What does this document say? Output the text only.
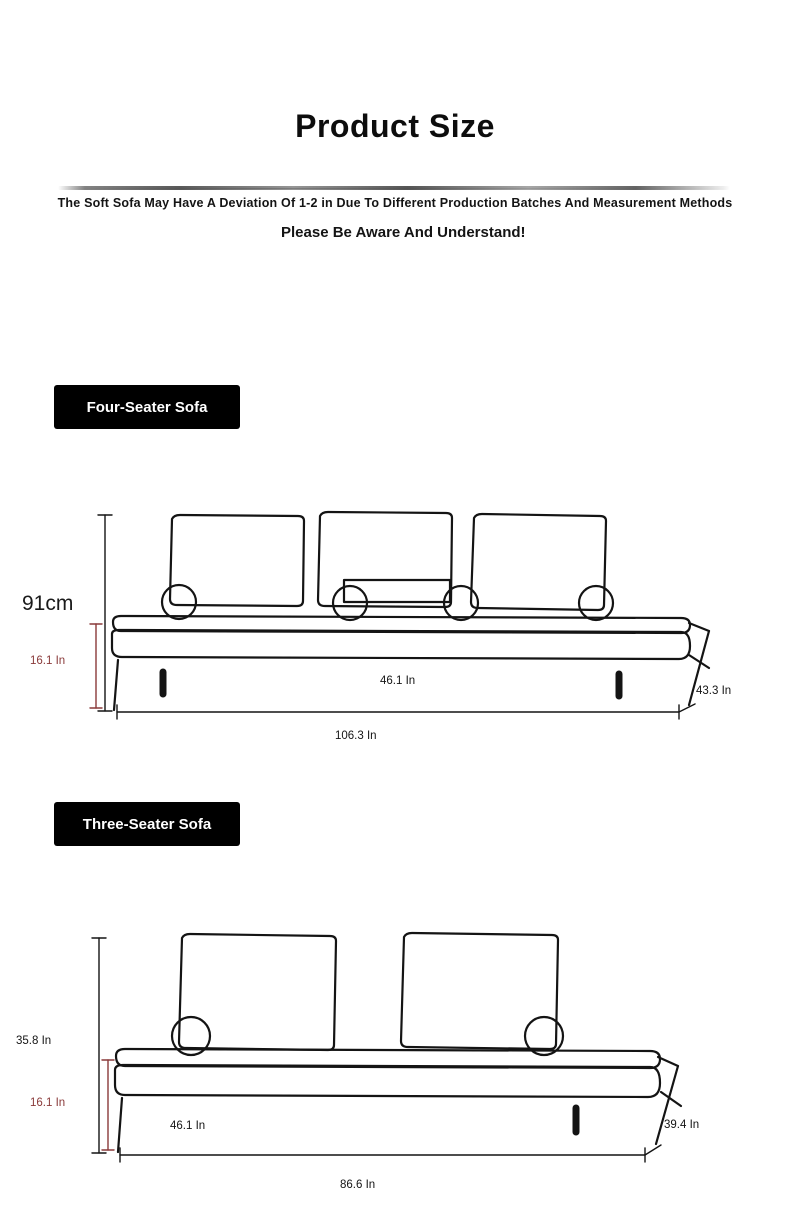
Product Size
The Soft Sofa May Have A Deviation Of 1-2 in Due To Different Production Batches And Measurement Methods
Please Be Aware And Understand!
Four-Seater Sofa
Three-Seater Sofa
91cm
16.1 In
46.1 In
43.3 In
106.3 In
35.8 In
16.1 In
46.1 In	39.4 In
86.6 In
